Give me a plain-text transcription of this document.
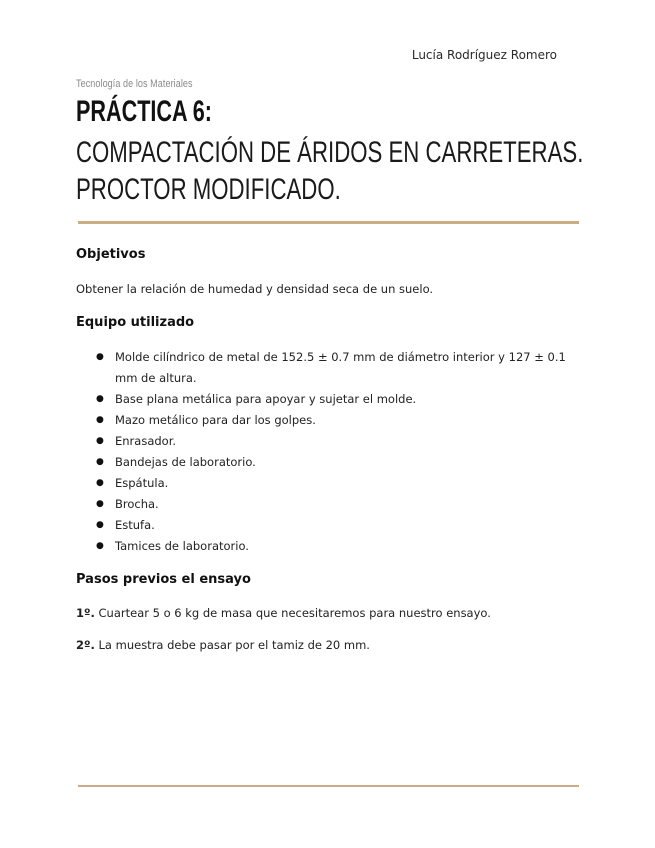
Lucía Rodríguez Romero
Tecnología de los Materiales
PRÁCTICA 6:
COMPACTACIÓN DE ÁRIDOS EN CARRETERAS.
PROCTOR MODIFICADO.
Objetivos
Obtener la relación de humedad y densidad seca de un suelo.
Equipo utilizado
● Molde cilíndrico de metal de 152.5 ± 0.7 mm de diámetro interior y 127 ± 0.1 mm de altura.
● Base plana metálica para apoyar y sujetar el molde.
● Mazo metálico para dar los golpes.
● Enrasador.
● Bandejas de laboratorio.
● Espátula.
● Brocha.
● Estufa.
● Tamices de laboratorio.
Pasos previos el ensayo
1º. Cuartear 5 o 6 kg de masa que necesitaremos para nuestro ensayo.
2º. La muestra debe pasar por el tamiz de 20 mm.
